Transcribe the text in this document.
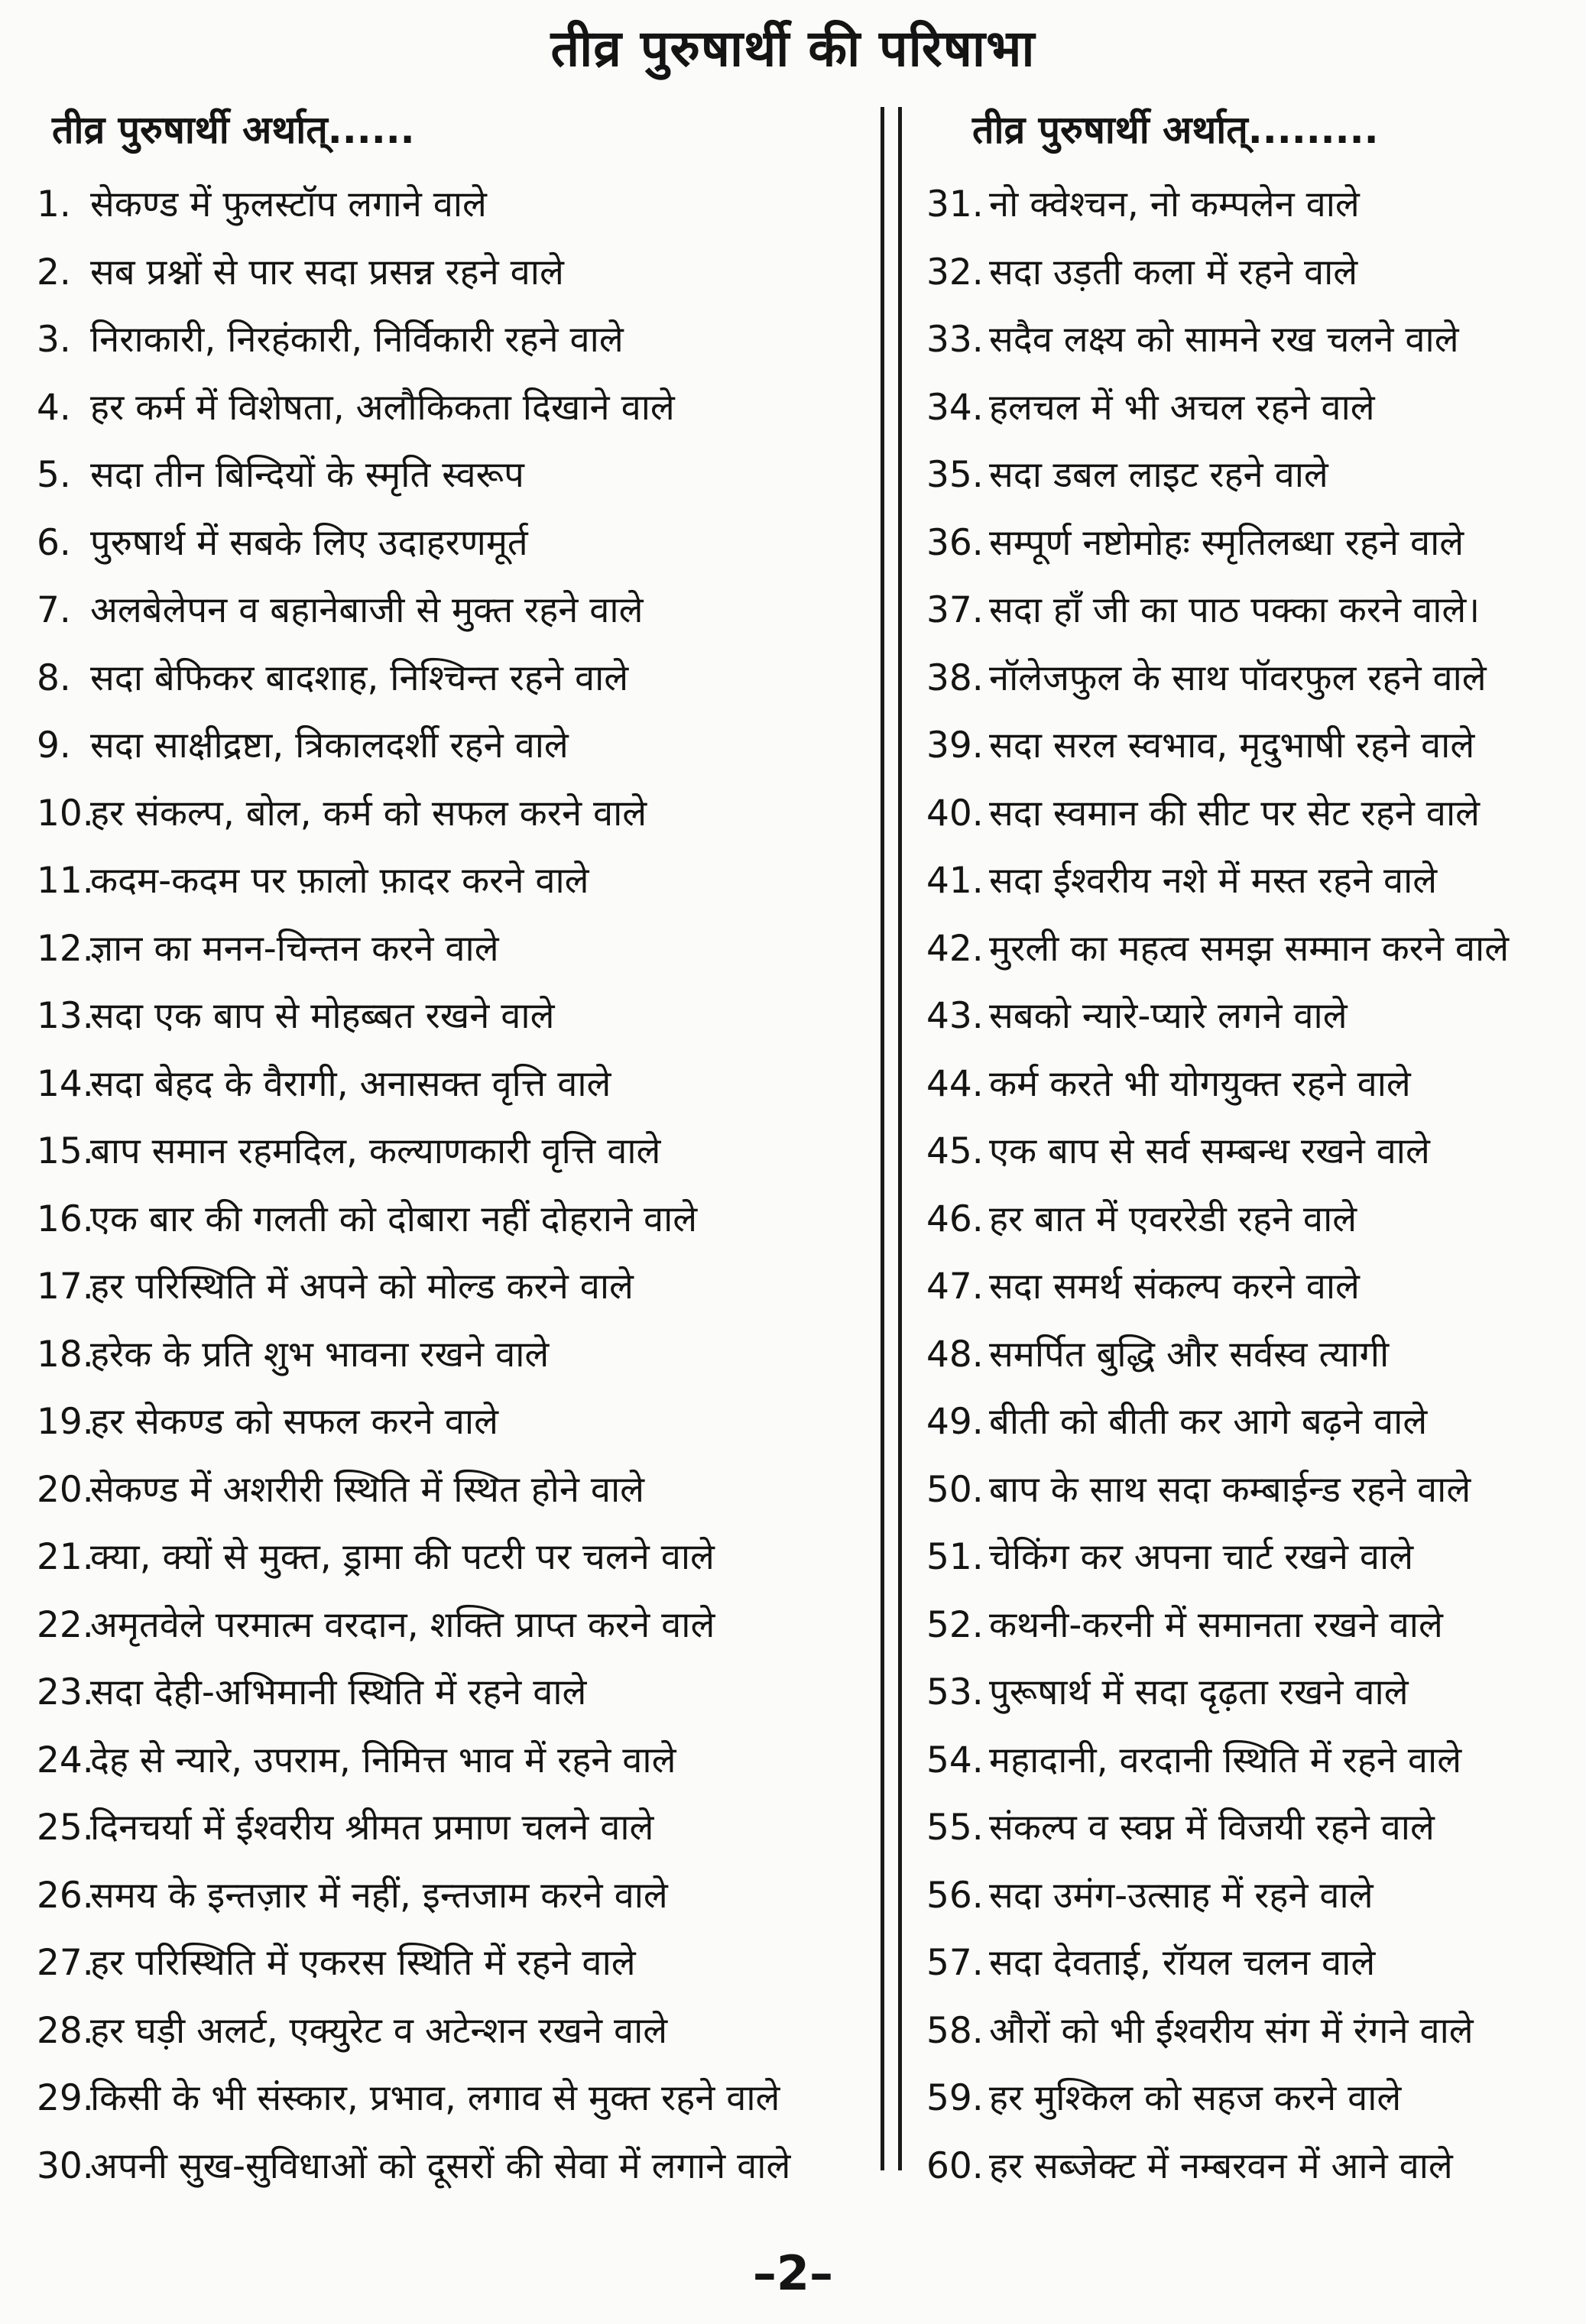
तीव्र पुरुषार्थी की परिषाभा
तीव्र पुरुषार्थी अर्थात्......
1. सेकण्ड में फुलस्टॉप लगाने वाले
2. सब प्रश्नों से पार सदा प्रसन्न रहने वाले
3. निराकारी, निरहंकारी, निर्विकारी रहने वाले
4. हर कर्म में विशेषता, अलौकिकता दिखाने वाले
5. सदा तीन बिन्दियों के स्मृति स्वरूप
6. पुरुषार्थ में सबके लिए उदाहरणमूर्त
7. अलबेलेपन व बहानेबाजी से मुक्त रहने वाले
8. सदा बेफिकर बादशाह, निश्चिन्त रहने वाले
9. सदा साक्षीद्रष्टा, त्रिकालदर्शी रहने वाले
10.हर संकल्प, बोल, कर्म को सफल करने वाले
11.कदम-कदम पर फ़ालो फ़ादर करने वाले
12.ज्ञान का मनन-चिन्तन करने वाले
13.सदा एक बाप से मोहब्बत रखने वाले
14.सदा बेहद के वैरागी, अनासक्त वृत्ति वाले
15.बाप समान रहमदिल, कल्याणकारी वृत्ति वाले
16.एक बार की गलती को दोबारा नहीं दोहराने वाले
17.हर परिस्थिति में अपने को मोल्ड करने वाले
18.हरेक के प्रति शुभ भावना रखने वाले
19.हर सेकण्ड को सफल करने वाले
20.सेकण्ड में अशरीरी स्थिति में स्थित होने वाले
21.क्या, क्यों से मुक्त, ड्रामा की पटरी पर चलने वाले
22.अमृतवेले परमात्म वरदान, शक्ति प्राप्त करने वाले
23.सदा देही-अभिमानी स्थिति में रहने वाले
24.देह से न्यारे, उपराम, निमित्त भाव में रहने वाले
25.दिनचर्या में ईश्वरीय श्रीमत प्रमाण चलने वाले
26.समय के इन्तज़ार में नहीं, इन्तजाम करने वाले
27.हर परिस्थिति में एकरस स्थिति में रहने वाले
28.हर घड़ी अलर्ट, एक्युरेट व अटेन्शन रखने वाले
29.किसी के भी संस्कार, प्रभाव, लगाव से मुक्त रहने वाले
30.अपनी सुख-सुविधाओं को दूसरों की सेवा में लगाने वाले
तीव्र पुरुषार्थी अर्थात्.........
31. नो क्वेश्चन, नो कम्पलेन वाले
32. सदा उड़ती कला में रहने वाले
33. सदैव लक्ष्य को सामने रख चलने वाले
34. हलचल में भी अचल रहने वाले
35. सदा डबल लाइट रहने वाले
36. सम्पूर्ण नष्टोमोहः स्मृतिलब्धा रहने वाले
37. सदा हाँ जी का पाठ पक्का करने वाले।
38. नॉलेजफुल के साथ पॉवरफुल रहने वाले
39. सदा सरल स्वभाव, मृदुभाषी रहने वाले
40. सदा स्वमान की सीट पर सेट रहने वाले
41. सदा ईश्वरीय नशे में मस्त रहने वाले
42. मुरली का महत्व समझ सम्मान करने वाले
43. सबको न्यारे-प्यारे लगने वाले
44. कर्म करते भी योगयुक्त रहने वाले
45. एक बाप से सर्व सम्बन्ध रखने वाले
46. हर बात में एवररेडी रहने वाले
47. सदा समर्थ संकल्प करने वाले
48. समर्पित बुद्धि और सर्वस्व त्यागी
49. बीती को बीती कर आगे बढ़ने वाले
50. बाप के साथ सदा कम्बाईन्ड रहने वाले
51. चेकिंग कर अपना चार्ट रखने वाले
52. कथनी-करनी में समानता रखने वाले
53. पुरूषार्थ में सदा दृढ़ता रखने वाले
54. महादानी, वरदानी स्थिति में रहने वाले
55. संकल्प व स्वप्न में विजयी रहने वाले
56. सदा उमंग-उत्साह में रहने वाले
57. सदा देवताई, रॉयल चलन वाले
58. औरों को भी ईश्वरीय संग में रंगने वाले
59. हर मुश्किल को सहज करने वाले
60. हर सब्जेक्ट में नम्बरवन में आने वाले
–2–
